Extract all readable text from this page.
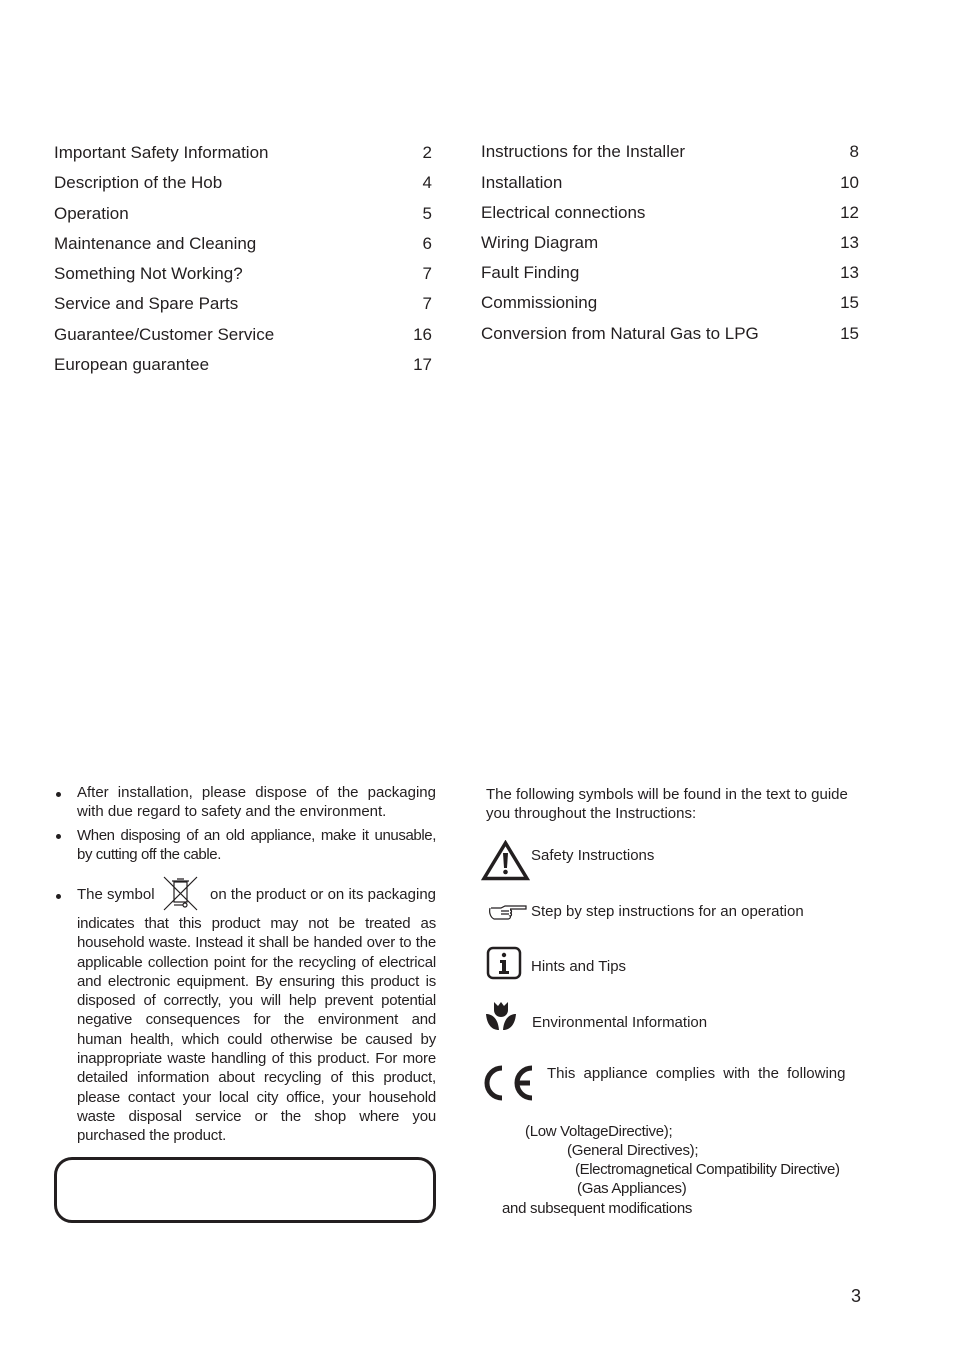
Important Safety Information	2
Description of the Hob	4
Operation	5
Maintenance and Cleaning	6
Something Not Working?	7
Service and Spare Parts	7
Guarantee/Customer Service	16
European guarantee	17
Instructions for the Installer	8
Installation	10
Electrical connections	12
Wiring Diagram	13
Fault Finding	13
Commissioning	15
Conversion from Natural Gas to LPG	15
After installation, please dispose of the packaging with due regard to safety and the environment.
When disposing of an old appliance, make it unusable, by cutting off the cable.
The symbol	on the product or on its packaging
indicates that this product may not be treated as household waste. Instead it shall be handed over to the applicable collection point for the recycling of electrical and electronic equipment. By ensuring this product is disposed of correctly, you will help prevent potential negative consequences for the environment and human health, which could otherwise be caused by inappropriate waste handling of this product. For more detailed information about recycling of this product, please contact your local city office, your household waste disposal service or the shop where you purchased the product.
The following symbols will be found in the text to guide you throughout the Instructions:
Safety Instructions
Step by step instructions for an operation
Hints and Tips
Environmental Information
This appliance complies with the following
(Low VoltageDirective);
(General Directives);
(Electromagnetical Compatibility Directive)
(Gas Appliances)
and subsequent modifications
3
